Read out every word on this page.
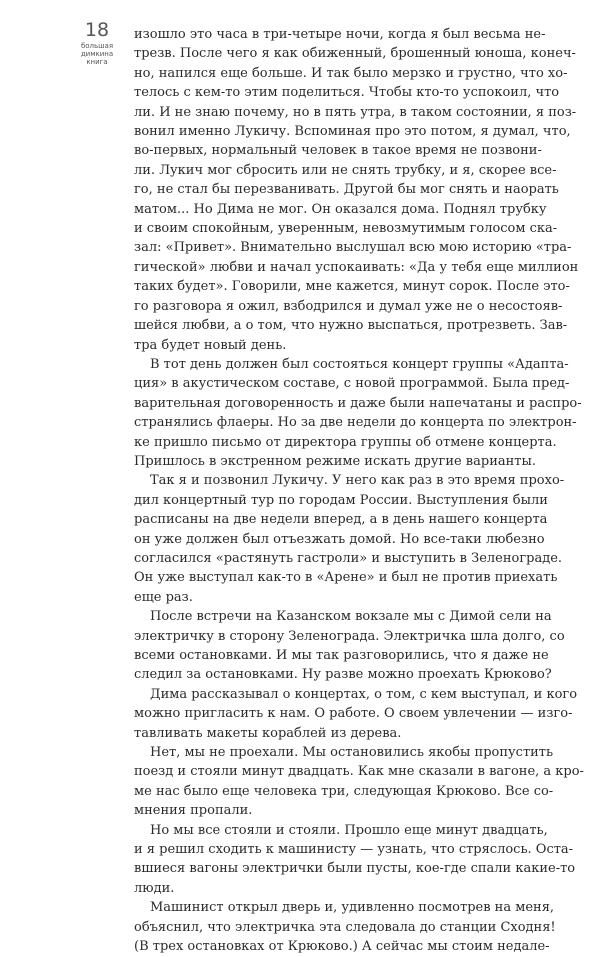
18
большая
димкина
книга
изошло это часа в три-четыре ночи, когда я был весьма не-
трезв. После чего я как обиженный, брошенный юноша, конеч-
но, напился еще больше. И так было мерзко и грустно, что хо-
телось с кем-то этим поделиться. Чтобы кто-то успокоил, что
ли. И не знаю почему, но в пять утра, в таком состоянии, я поз-
вонил именно Лукичу. Вспоминая про это потом, я думал, что,
во-первых, нормальный человек в такое время не позвони-
ли. Лукич мог сбросить или не снять трубку, и я, скорее все-
го, не стал бы перезванивать. Другой бы мог снять и наорать
матом... Но Дима не мог. Он оказался дома. Поднял трубку
и своим спокойным, уверенным, невозмутимым голосом ска-
зал: «Привет». Внимательно выслушал всю мою историю «тра-
гической» любви и начал успокаивать: «Да у тебя еще миллион
таких будет». Говорили, мне кажется, минут сорок. После это-
го разговора я ожил, взбодрился и думал уже не о несостояв-
шейся любви, а о том, что нужно выспаться, протрезветь. Зав-
тра будет новый день.
В тот день должен был состояться концерт группы «Адапта-
ция» в акустическом составе, с новой программой. Была пред-
варительная договоренность и даже были напечатаны и распро-
странялись флаеры. Но за две недели до концерта по электрон-
ке пришло письмо от директора группы об отмене концерта.
Пришлось в экстренном режиме искать другие варианты.
Так я и позвонил Лукичу. У него как раз в это время прохо-
дил концертный тур по городам России. Выступления были
расписаны на две недели вперед, а в день нашего концерта
он уже должен был отъезжать домой. Но все-таки любезно
согласился «растянуть гастроли» и выступить в Зеленограде.
Он уже выступал как-то в «Арене» и был не против приехать
еще раз.
После встречи на Казанском вокзале мы с Димой сели на
электричку в сторону Зеленограда. Электричка шла долго, со
всеми остановками. И мы так разговорились, что я даже не
следил за остановками. Ну разве можно проехать Крюково?
Дима рассказывал о концертах, о том, с кем выступал, и кого
можно пригласить к нам. О работе. О своем увлечении — изго-
тавливать макеты кораблей из дерева.
Нет, мы не проехали. Мы остановились якобы пропустить
поезд и стояли минут двадцать. Как мне сказали в вагоне, а кро-
ме нас было еще человека три, следующая Крюково. Все со-
мнения пропали.
Но мы все стояли и стояли. Прошло еще минут двадцать,
и я решил сходить к машинисту — узнать, что стряслось. Оста-
вшиеся вагоны электрички были пусты, кое-где спали какие-то
люди.
Машинист открыл дверь и, удивленно посмотрев на меня,
объяснил, что электричка эта следовала до станции Сходня!
(В трех остановках от Крюково.) А сейчас мы стоим недале-
